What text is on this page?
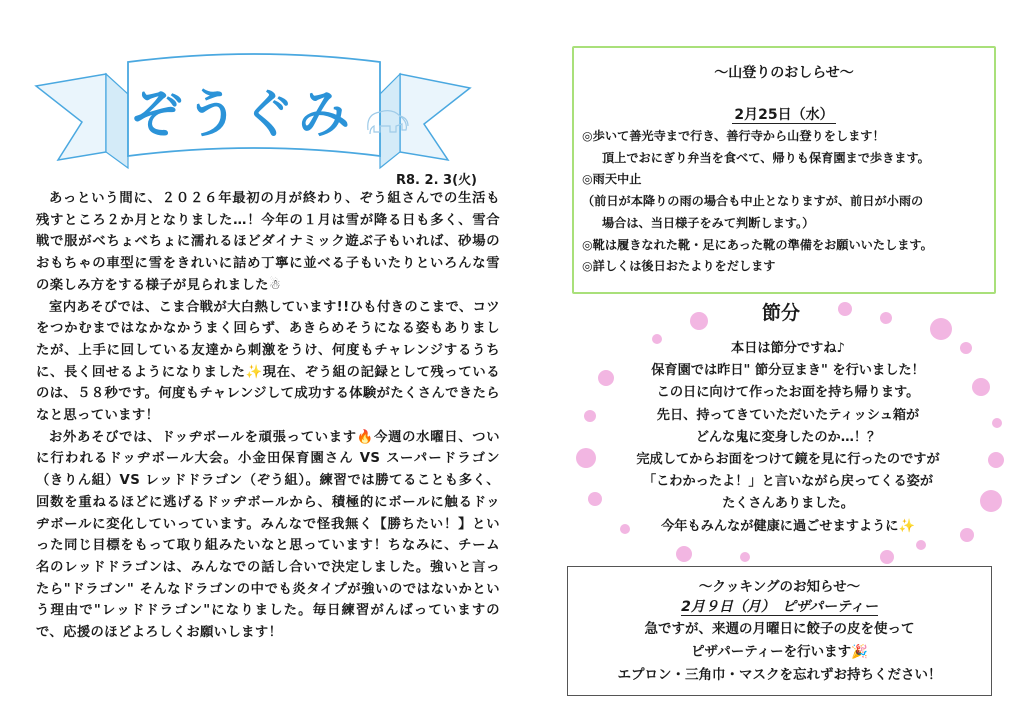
ぞうぐみ
R8. 2. 3(火)

あっという間に、２０２６年最初の月が終わり、ぞう組さんでの生活も残すところ２か月となりました…！今年の１月は雪が降る日も多く、雪合戦で服がべちょべちょに濡れるほどダイナミック遊ぶ子もいれば、砂場のおもちゃの車型に雪をきれいに詰め丁寧に並べる子もいたりといろんな雪の楽しみ方をする様子が見られました☃

室内あそびでは、こま合戦が大白熱しています!!ひも付きのこまで、コツをつかむまではなかなかうまく回らず、あきらめそうになる姿もありましたが、上手に回している友達から刺激をうけ、何度もチャレンジするうちに、長く回せるようになりました✨現在、ぞう組の記録として残っているのは、５８秒です。何度もチャレンジして成功する体験がたくさんできたらなと思っています！

お外あそびでは、ドッヂボールを頑張っています🔥今週の水曜日、ついに行われるドッヂボール大会。小金田保育園さん VS スーパードラゴン（きりん組）VS レッドドラゴン（ぞう組）。練習では勝てることも多く、回数を重ねるほどに逃げるドッヂボールから、積極的にボールに触るドッヂボールに変化していっています。みんなで怪我無く【勝ちたい！】といった同じ目標をもって取り組みたいなと思っています！ちなみに、チーム名のレッドドラゴンは、みんなでの話し合いで決定しました。強いと言ったら"ドラゴン" そんなドラゴンの中でも炎タイプが強いのではないかという理由で"レッドドラゴン"になりました。毎日練習がんばっていますので、応援のほどよろしくお願いします！

～山登りのおしらせ～
2月25日（水）
◎歩いて善光寺まで行き、善行寺から山登りをします！
頂上でおにぎり弁当を食べて、帰りも保育園まで歩きます。
◎雨天中止
（前日が本降りの雨の場合も中止となりますが、前日が小雨の
場合は、当日様子をみて判断します。）
◎靴は履きなれた靴・足にあった靴の準備をお願いいたします。
◎詳しくは後日おたよりをだします
節分
本日は節分ですね♪
保育園では昨日" 節分豆まき" を行いました！
この日に向けて作ったお面を持ち帰ります。
先日、持ってきていただいたティッシュ箱が
どんな鬼に変身したのか…！？
完成してからお面をつけて鏡を見に行ったのですが
「こわかったよ！」と言いながら戻ってくる姿が
たくさんありました。
今年もみんなが健康に過ごせますように✨
～クッキングのお知らせ～
2月９日（月）　ピザパーティー
急ですが、来週の月曜日に餃子の皮を使って
ピザパーティーを行います🎉
エプロン・三角巾・マスクを忘れずお持ちください！
